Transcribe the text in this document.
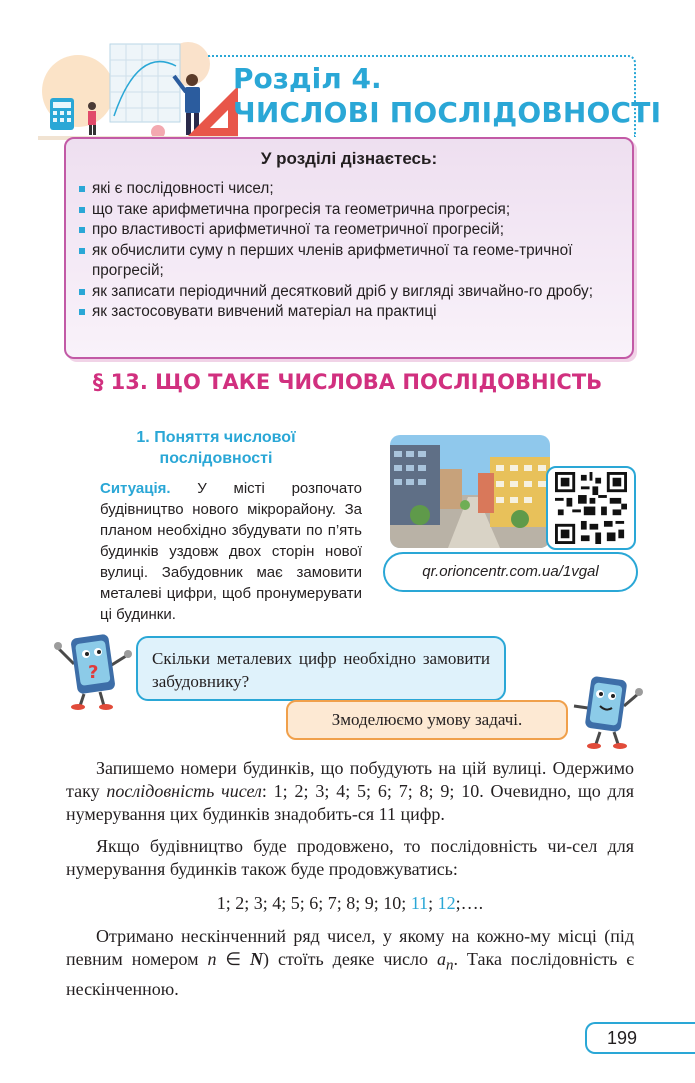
Розділ 4.
ЧИСЛОВІ ПОСЛІДОВНОСТІ
У розділі дізнаєтесь:
які є послідовності чисел;
що таке арифметична прогресія та геометрична прогресія;
про властивості арифметичної та геометричної прогресій;
як обчислити суму n перших членів арифметичної та геоме-тричної прогресій;
як записати періодичний десятковий дріб у вигляді звичайно-го дробу;
як застосовувати вивчений матеріал на практиці
§ 13. ЩО ТАКЕ ЧИСЛОВА ПОСЛІДОВНІСТЬ
1. Поняття числової послідовності
Ситуація. У місті розпочато будівництво нового мікрорайону. За планом необхідно збудувати по п’ять будинків уздовж двох сторін нової вулиці. Забудовник має замовити металеві цифри, щоб пронумерувати ці будинки.
qr.orioncentr.com.ua/1vgal
?
Скільки металевих цифр необхідно замовити забудовнику?
Змоделюємо умову задачі.

Запишемо номери будинків, що побудують на цій вулиці. Одержимо таку послідовність чисел: 1; 2; 3; 4; 5; 6; 7; 8; 9; 10. Очевидно, що для нумерування цих будинків знадобить-ся 11 цифр.

Якщо будівництво буде продовжено, то послідовність чи-сел для нумерування будинків також буде продовжуватись:

1; 2; 3; 4; 5; 6; 7; 8; 9; 10; 11; 12;….

Отримано нескінченний ряд чисел, у якому на кожно-му місці (під певним номером n ∈ N) стоїть деяке число $a_n$. Така послідовність є нескінченною.

199
